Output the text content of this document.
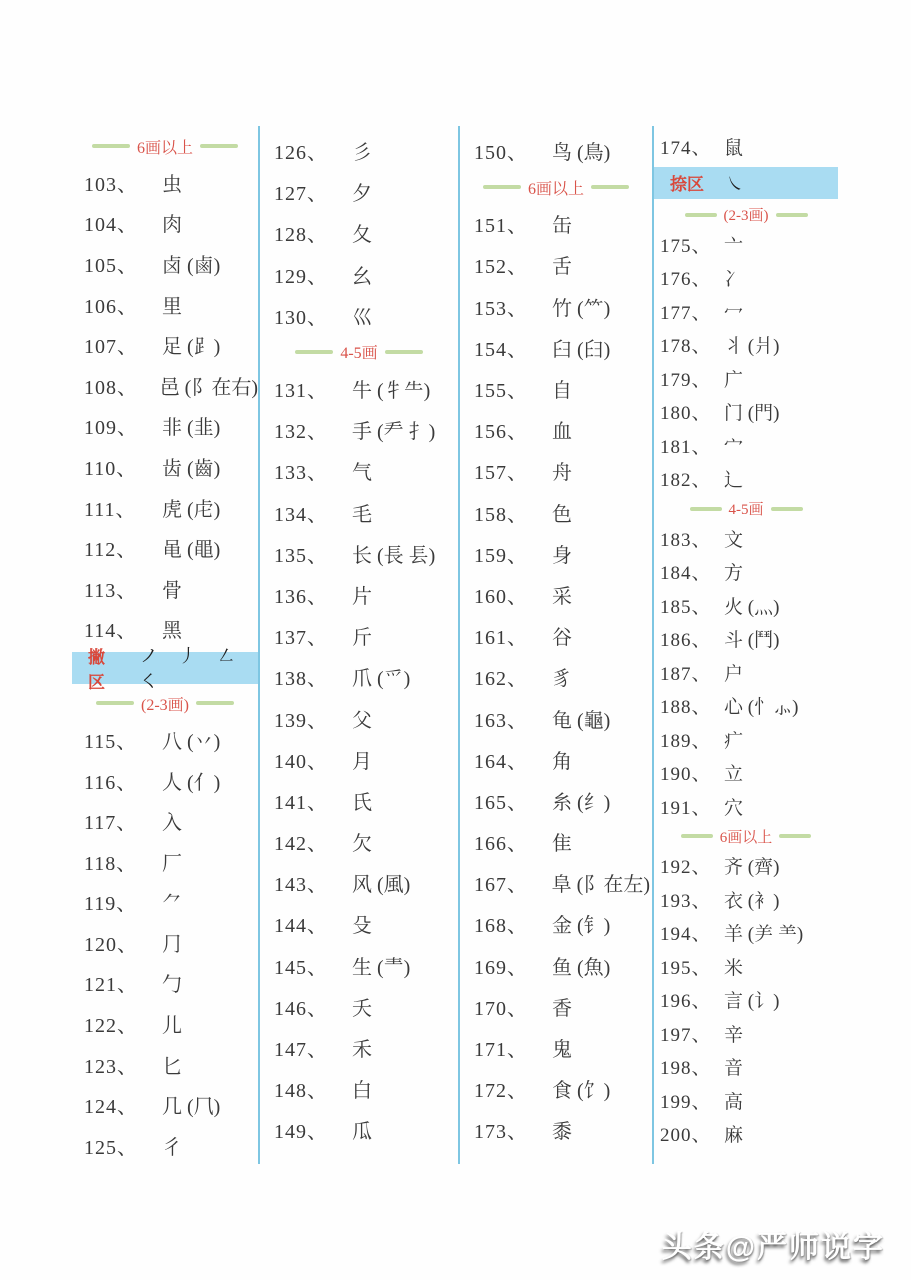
6画以上
103、	虫
104、	肉
105、	卤 (鹵)
106、	里
107、	足 (⻊)
108、	邑 (阝在右)
109、	非 (韭)
110、	齿 (齒)
111、	虎 (虍)
112、	黾 (黽)
113、	骨
114、	黑
撇区
ノ ⼃ ㇜ ㇛
(2-3画)
115、	八 (丷)
116、	人 (亻)
117、	入
118、	厂
119、	⺈
120、	⺆
121、	勹
122、	儿
123、	匕
124、	几 (⺇)
125、	彳
126、	彡
127、	夕
128、	夂
129、	幺
130、	巛
4-5画
131、	牛 (牜⺧)
132、	手 (龵 扌)
133、	气
134、	毛
135、	长 (長 镸)
136、	片
137、	斤
138、	爪 (爫)
139、	父
140、	月
141、	氏
142、	欠
143、	风 (風)
144、	殳
145、	生 (龶)
146、	夭
147、	禾
148、	白
149、	瓜
150、	鸟 (鳥)
6画以上
151、	缶
152、	舌
153、	竹 (⺮)
154、	臼 (⺽)
155、	自
156、	血
157、	舟
158、	色
159、	身
160、	采
161、	谷
162、	豸
163、	龟 (龜)
164、	角
165、	糸 (纟)
166、	隹
167、	阜 (阝在左)
168、	金 (钅)
169、	鱼 (魚)
170、	香
171、	鬼
172、	食 (饣)
173、	黍
174、 鼠
捺区	㇏
(2-3画)
175、 亠
176、 冫
177、 冖
178、 丬 (爿)
179、 广
180、 门 (門)
181、 宀
182、 辶
4-5画
183、 文
184、 方
185、 火 (灬)
186、 斗 (鬥)
187、 户
188、 心 (忄⺗)
189、 疒
190、 立
191、 穴
6画以上
192、 齐 (齊)
193、 衣 (衤)
194、 羊 (⺶ ⺷)
195、 米
196、 言 (讠)
197、 辛
198、 音
199、 高
200、 麻
头条@严师说字
